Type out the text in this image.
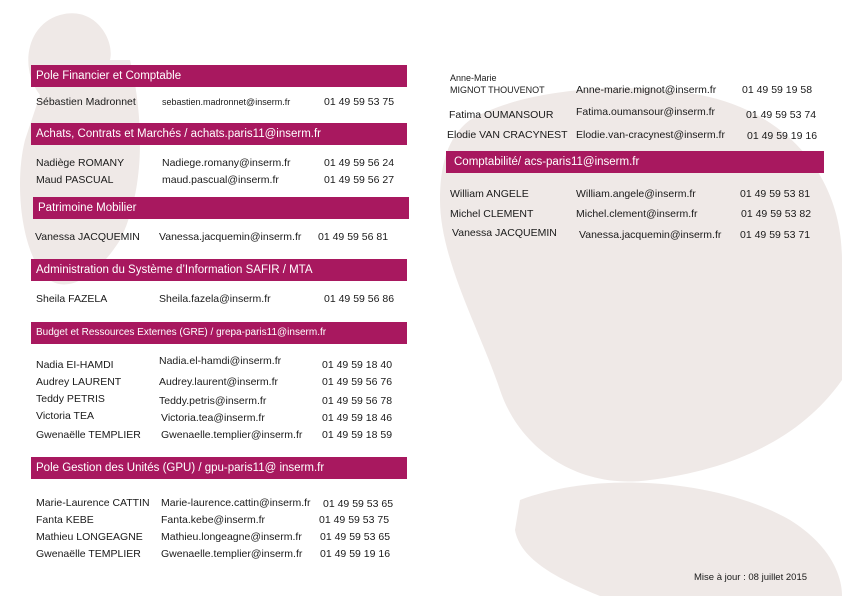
Pole Financier et Comptable
Sébastien Madronnet	sebastien.madronnet@inserm.fr	01 49 59 53 75
Achats, Contrats et Marchés / achats.paris11@inserm.fr
Nadiège ROMANY	Nadiege.romany@inserm.fr	01 49 59 56 24
Maud PASCUAL	maud.pascual@inserm.fr	01 49 59 56 27
Patrimoine Mobilier
Vanessa JACQUEMIN Vanessa.jacquemin@inserm.fr 01 49 59 56 81
Administration du Système d’Information SAFIR / MTA
Sheila FAZELA	Sheila.fazela@inserm.fr	01 49 59 56 86
Budget et Ressources Externes (GRE) / grepa-paris11@inserm.fr
Nadia EI-HAMDI	Nadia.el-hamdi@inserm.fr	01 49 59 18 40
Audrey LAURENT	Audrey.laurent@inserm.fr	01 49 59 56 76
Teddy PETRIS	Teddy.petris@inserm.fr	01 49 59 56 78
Victoria TEA	Victoria.tea@inserm.fr	01 49 59 18 46
Gwenaëlle TEMPLIER Gwenaelle.templier@inserm.fr 01 49 59 18 59
Pole Gestion des Unités (GPU) / gpu-paris11@ inserm.fr
Marie-Laurence CATTIN Marie-laurence.cattin@inserm.fr 01 49 59 53 65
Fanta KEBE	Fanta.kebe@inserm.fr	01 49 59 53 75
Mathieu LONGEAGNE Mathieu.longeagne@inserm.fr 01 49 59 53 65
Gwenaëlle TEMPLIER Gwenaelle.templier@inserm.fr 01 49 59 19 16
Anne-Marie
MIGNOT THOUVENOT	Anne-marie.mignot@inserm.fr 01 49 59 19 58
Fatima OUMANSOUR Fatima.oumansour@inserm.fr	01 49 59 53 74
Elodie VAN CRACYNEST Elodie.van-cracynest@inserm.fr 01 49 59 19 16
Comptabilité/ acs-paris11@inserm.fr
William ANGELE	William.angele@inserm.fr	01 49 59 53 81
Michel CLEMENT	Michel.clement@inserm.fr	01 49 59 53 82
Vanessa JACQUEMIN Vanessa.jacquemin@inserm.fr 01 49 59 53 71
Mise à jour : 08 juillet 2015
